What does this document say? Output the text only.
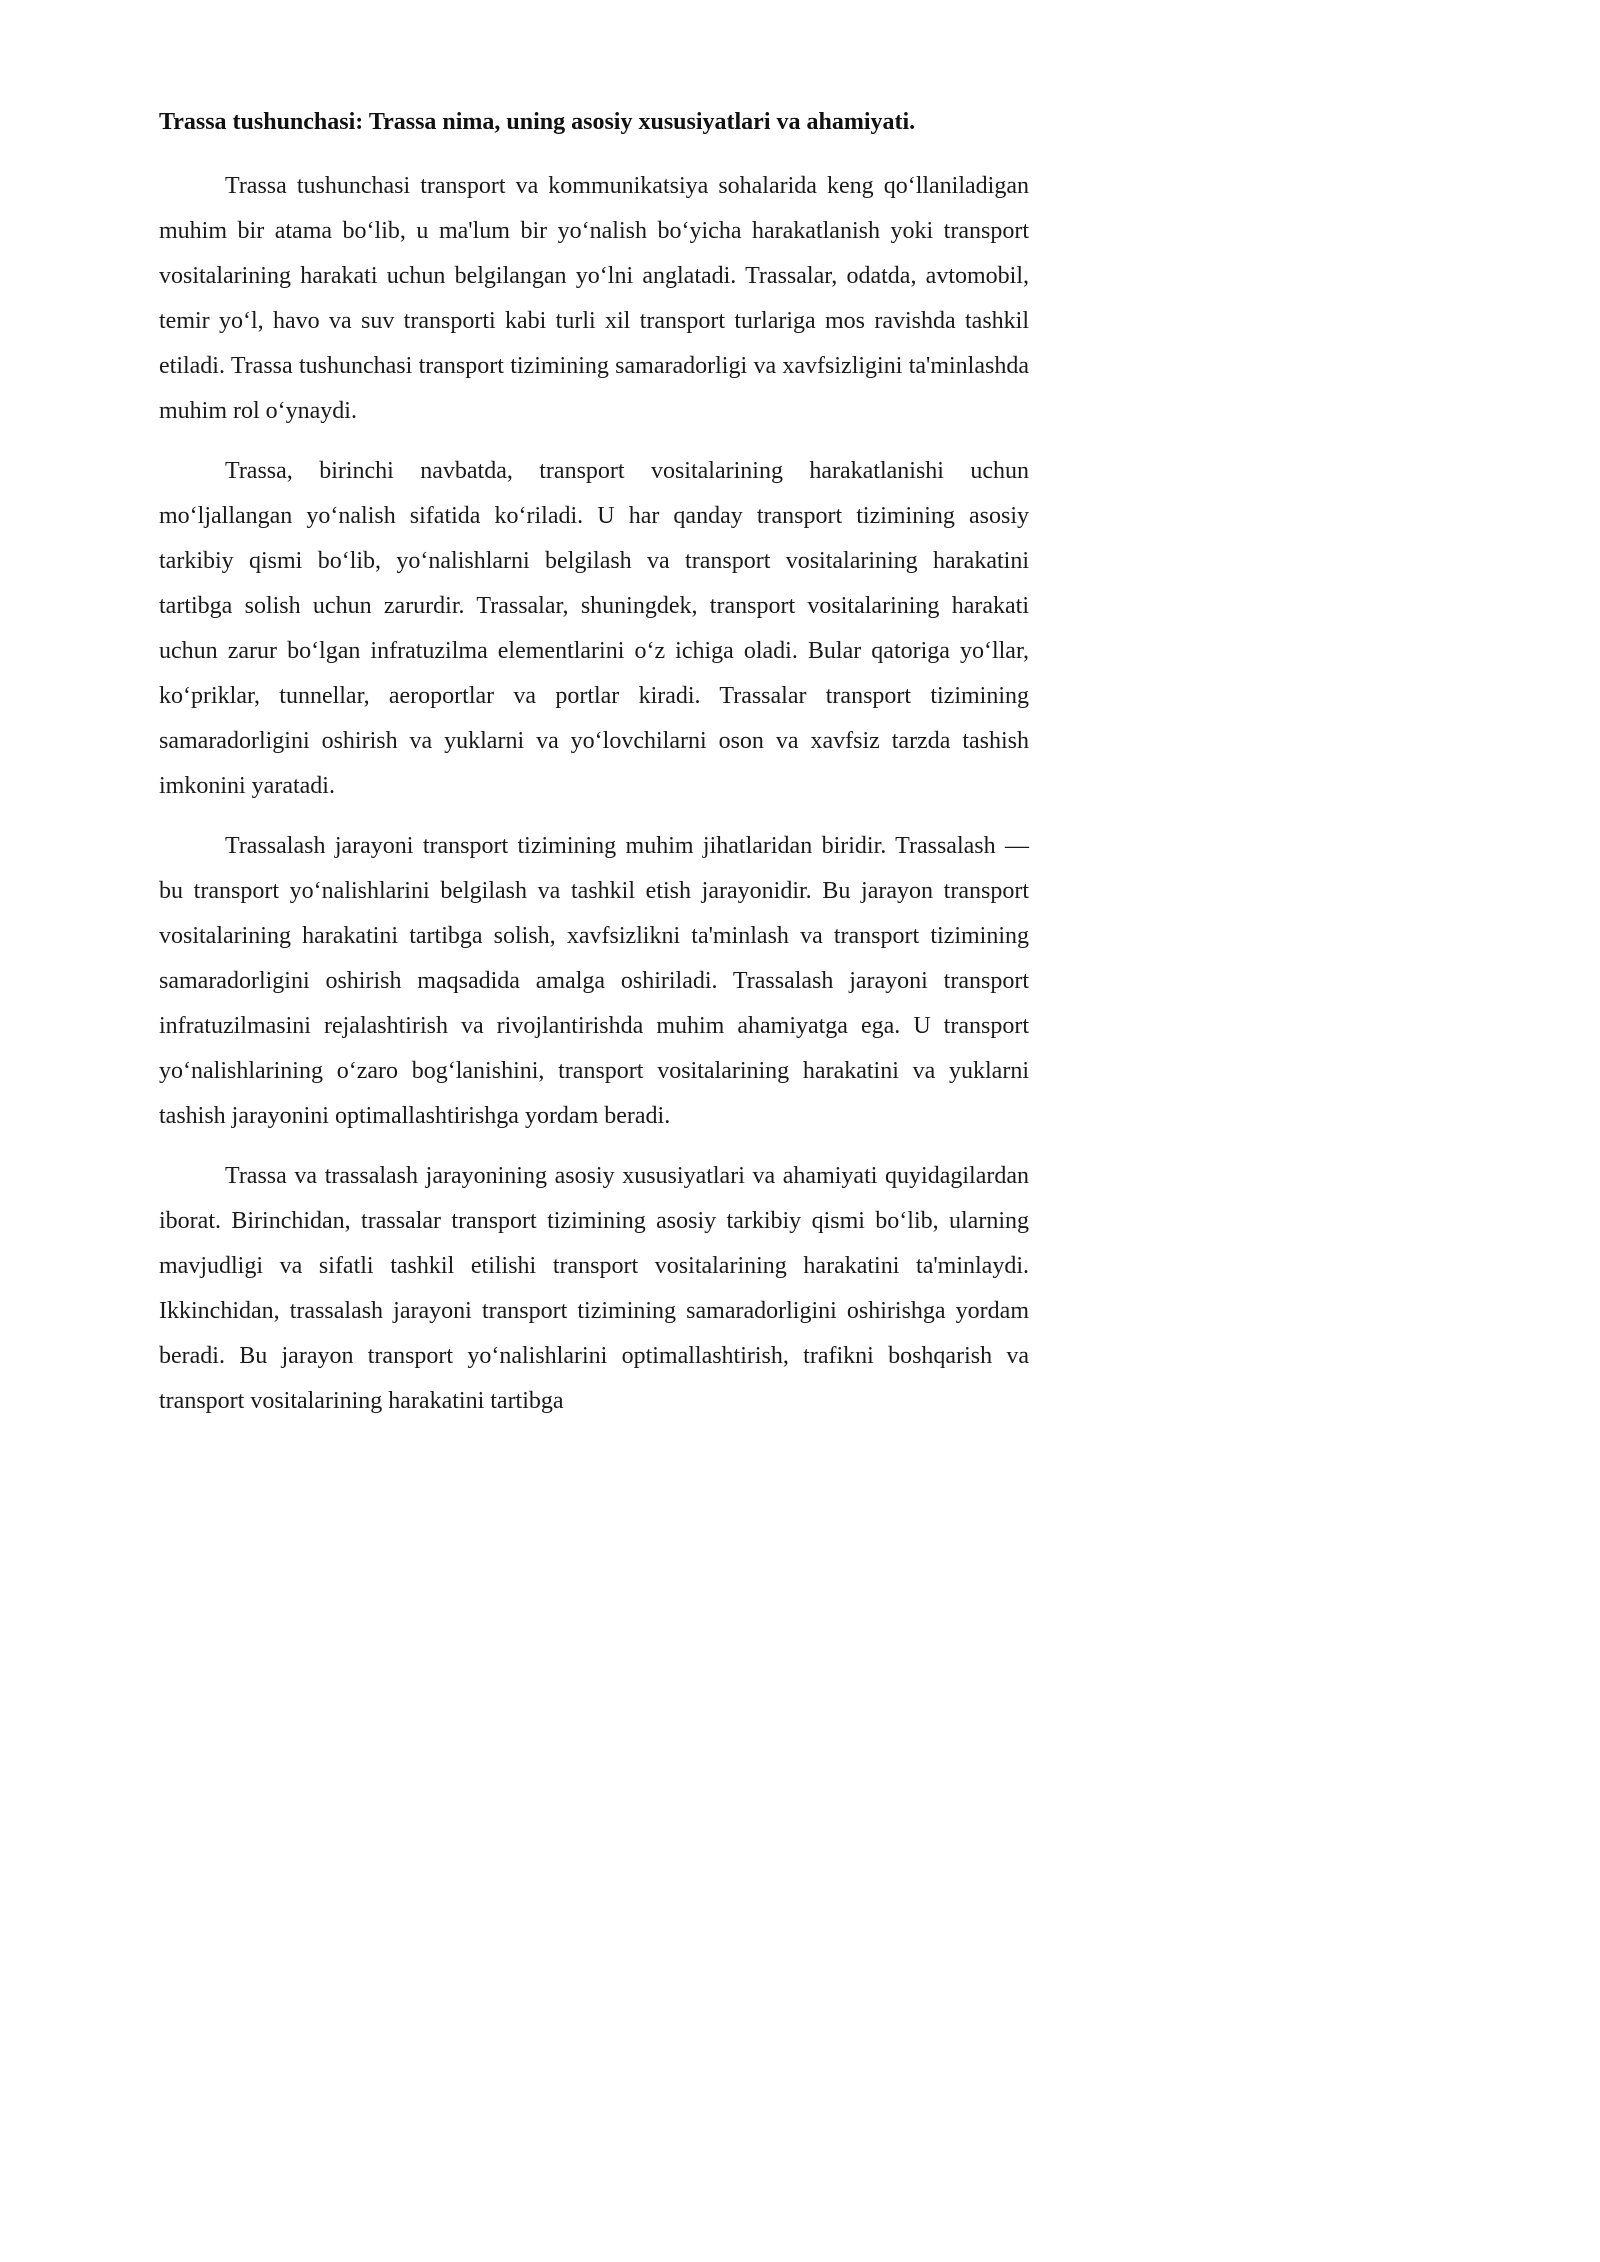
Trassa tushunchasi: Trassa nima, uning asosiy xususiyatlari va ahamiyati.

Trassa tushunchasi transport va kommunikatsiya sohalarida keng qoʻllaniladigan muhim bir atama boʻlib, u ma'lum bir yoʻnalish boʻyicha harakatlanish yoki transport vositalarining harakati uchun belgilangan yoʻlni anglatadi. Trassalar, odatda, avtomobil, temir yoʻl, havo va suv transporti kabi turli xil transport turlariga mos ravishda tashkil etiladi. Trassa tushunchasi transport tizimining samaradorligi va xavfsizligini ta'minlashda muhim rol oʻynaydi.

Trassa, birinchi navbatda, transport vositalarining harakatlanishi uchun moʻljallangan yoʻnalish sifatida koʻriladi. U har qanday transport tizimining asosiy tarkibiy qismi boʻlib, yoʻnalishlarni belgilash va transport vositalarining harakatini tartibga solish uchun zarurdir. Trassalar, shuningdek, transport vositalarining harakati uchun zarur boʻlgan infratuzilma elementlarini oʻz ichiga oladi. Bular qatoriga yoʻllar, koʻpriklar, tunnellar, aeroportlar va portlar kiradi. Trassalar transport tizimining samaradorligini oshirish va yuklarni va yoʻlovchilarni oson va xavfsiz tarzda tashish imkonini yaratadi.

Trassalash jarayoni transport tizimining muhim jihatlaridan biridir. Trassalash — bu transport yoʻnalishlarini belgilash va tashkil etish jarayonidir. Bu jarayon transport vositalarining harakatini tartibga solish, xavfsizlikni ta'minlash va transport tizimining samaradorligini oshirish maqsadida amalga oshiriladi. Trassalash jarayoni transport infratuzilmasini rejalashtirish va rivojlantirishda muhim ahamiyatga ega. U transport yoʻnalishlarining oʻzaro bogʻlanishini, transport vositalarining harakatini va yuklarni tashish jarayonini optimallashtirishga yordam beradi.

Trassa va trassalash jarayonining asosiy xususiyatlari va ahamiyati quyidagilardan iborat. Birinchidan, trassalar transport tizimining asosiy tarkibiy qismi boʻlib, ularning mavjudligi va sifatli tashkil etilishi transport vositalarining harakatini ta'minlaydi. Ikkinchidan, trassalash jarayoni transport tizimining samaradorligini oshirishga yordam beradi. Bu jarayon transport yoʻnalishlarini optimallashtirish, trafikni boshqarish va transport vositalarining harakatini tartibga
